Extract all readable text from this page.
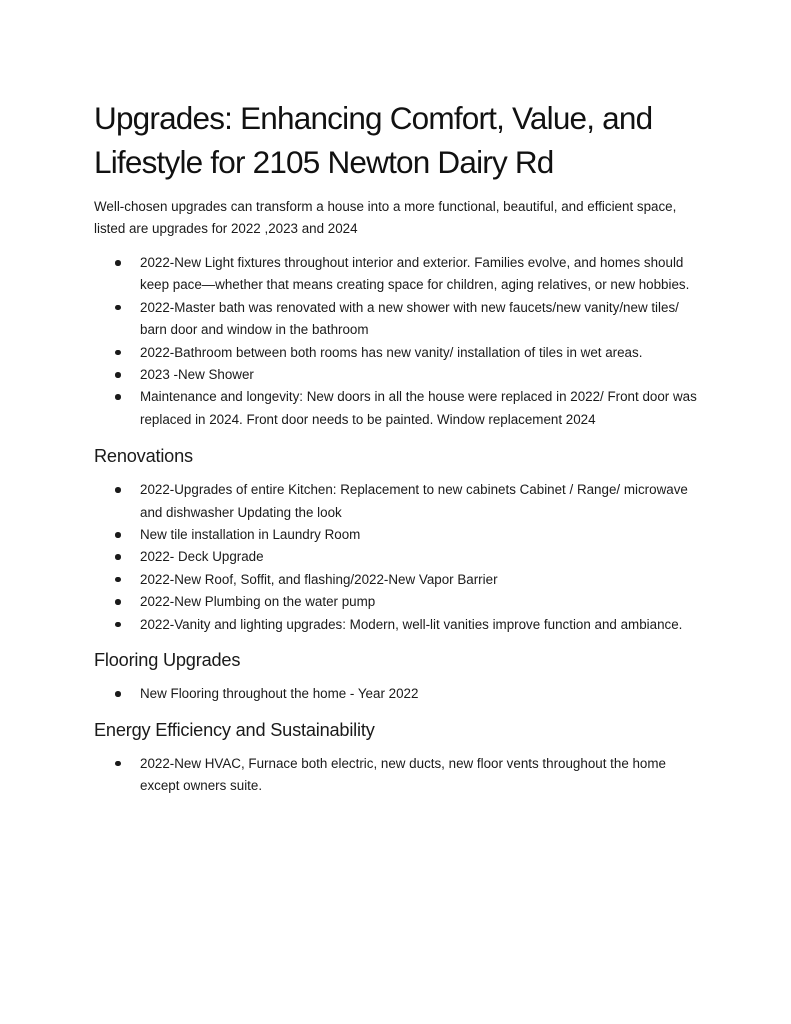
Upgrades: Enhancing Comfort, Value, and Lifestyle for 2105 Newton Dairy Rd

Well-chosen upgrades can transform a house into a more functional, beautiful, and efficient space, listed are upgrades for 2022 ,2023 and 2024

2022-New Light fixtures throughout interior and exterior. Families evolve, and homes should keep pace—whether that means creating space for children, aging relatives, or new hobbies.
2022-Master bath was renovated with a new shower with new faucets/new vanity/new tiles/ barn door and window in the bathroom
2022-Bathroom between both rooms has new vanity/ installation of tiles in wet areas.
2023 -New Shower
Maintenance and longevity: New doors in all the house were replaced in 2022/ Front door was replaced in 2024. Front door needs to be painted. Window replacement 2024
Renovations
2022-Upgrades of entire Kitchen: Replacement to new cabinets Cabinet / Range/ microwave and dishwasher Updating the look
New tile installation in Laundry Room
2022- Deck Upgrade
2022-New Roof, Soffit, and flashing/2022-New Vapor Barrier
2022-New Plumbing on the water pump
2022-Vanity and lighting upgrades: Modern, well-lit vanities improve function and ambiance.
Flooring Upgrades
New Flooring throughout the home - Year 2022
Energy Efficiency and Sustainability
2022-New HVAC, Furnace both electric, new ducts, new floor vents throughout the home except owners suite.
